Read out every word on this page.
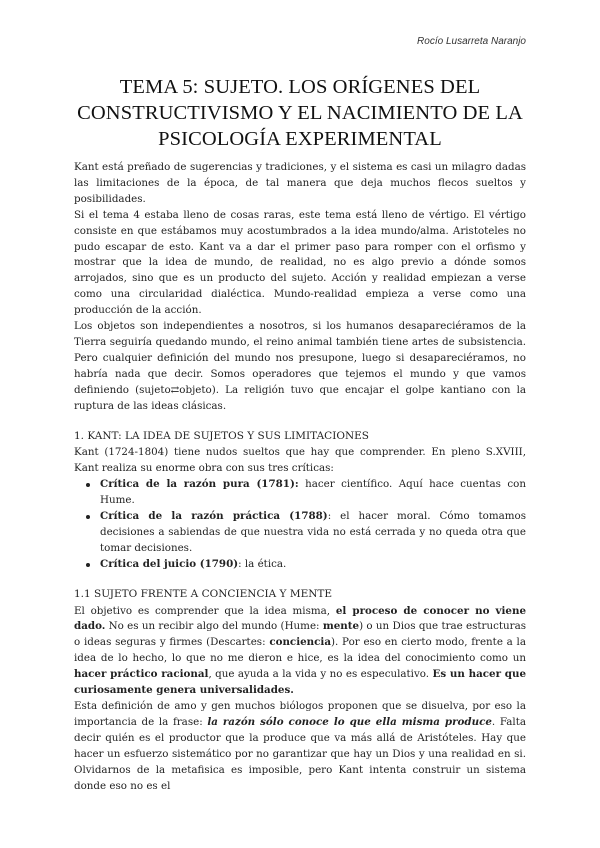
Rocío Lusarreta Naranjo
TEMA 5: SUJETO. LOS ORÍGENES DEL
CONSTRUCTIVISMO Y EL NACIMIENTO DE LA
PSICOLOGÍA EXPERIMENTAL

Kant está preñado de sugerencias y tradiciones, y el sistema es casi un milagro dadas las limitaciones de la época, de tal manera que deja muchos flecos sueltos y posibilidades.

Si el tema 4 estaba lleno de cosas raras, este tema está lleno de vértigo. El vértigo consiste en que estábamos muy acostumbrados a la idea mundo/alma. Aristoteles no pudo escapar de esto. Kant va a dar el primer paso para romper con el orfismo y mostrar que la idea de mundo, de realidad, no es algo previo a dónde somos arrojados, sino que es un producto del sujeto. Acción y realidad empiezan a verse como una circularidad dialéctica. Mundo-realidad empieza a verse como una producción de la acción.

Los objetos son independientes a nosotros, si los humanos desapareciéramos de la Tierra seguiría quedando mundo, el reino animal también tiene artes de subsistencia. Pero cualquier definición del mundo nos presupone, luego si desapareciéramos, no habría nada que decir. Somos operadores que tejemos el mundo y que vamos definiendo (sujeto⇄objeto). La religión tuvo que encajar el golpe kantiano con la ruptura de las ideas clásicas.

1. KANT: LA IDEA DE SUJETOS Y SUS LIMITACIONES

Kant (1724-1804) tiene nudos sueltos que hay que comprender. En pleno S.XVIII, Kant realiza su enorme obra con sus tres críticas:

Crítica de la razón pura (1781): hacer científico. Aquí hace cuentas con Hume.
Crítica de la razón práctica (1788): el hacer moral. Cómo tomamos decisiones a sabiendas de que nuestra vida no está cerrada y no queda otra que tomar decisiones.
Crítica del juicio (1790): la ética.
1.1 SUJETO FRENTE A CONCIENCIA Y MENTE

El objetivo es comprender que la idea misma, el proceso de conocer no viene dado. No es un recibir algo del mundo (Hume: mente) o un Dios que trae estructuras o ideas seguras y firmes (Descartes: conciencia). Por eso en cierto modo, frente a la idea de lo hecho, lo que no me dieron e hice, es la idea del conocimiento como un hacer práctico racional, que ayuda a la vida y no es especulativo. Es un hacer que curiosamente genera universalidades.

Esta definición de amo y gen muchos biólogos proponen que se disuelva, por eso la importancia de la frase: la razón sólo conoce lo que ella misma produce. Falta decir quién es el productor que la produce que va más allá de Aristóteles. Hay que hacer un esfuerzo sistemático por no garantizar que hay un Dios y una realidad en si. Olvidarnos de la metafisica es imposible, pero Kant intenta construir un sistema donde eso no es el
